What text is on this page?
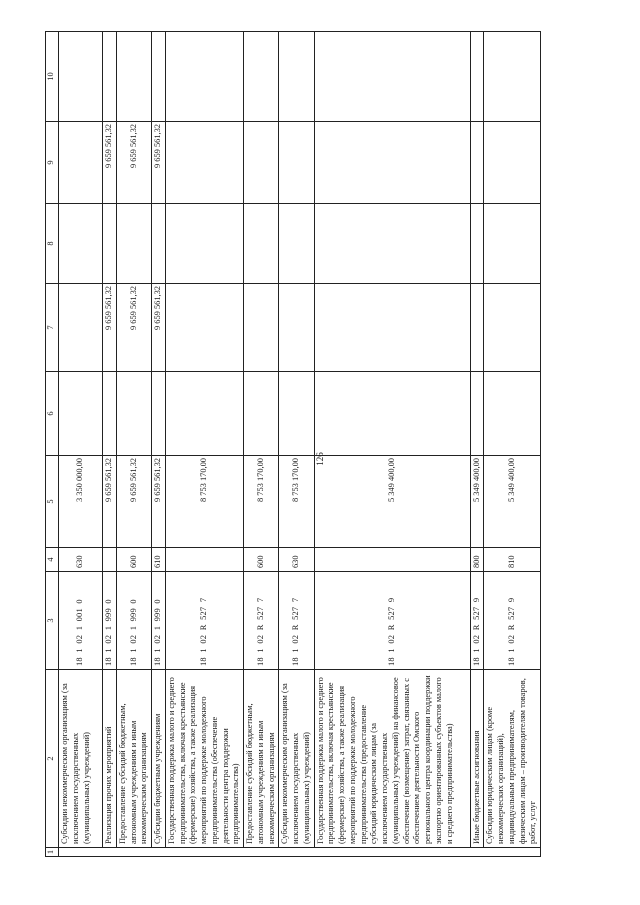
126
1	2	3	4	5	6	7	8	9	10
	Субсидии некоммерческим организациям (за исключением государственных (муниципальных) учреждений)	18  1  02  1  001  0	630	3 350 000,00					
	Реализация прочих мероприятий	18  1  02  1  999  0		9 659 561,32		9 659 561,32		9 659 561,32	
	Предоставление субсидий бюджетным, автономным учреждениям и иным некоммерческим организациям	18  1  02  1  999  0	600	9 659 561,32		9 659 561,32		9 659 561,32	
	Субсидии бюджетным учреждениям	18  1  02  1  999  0	610	9 659 561,32		9 659 561,32		9 659 561,32	
	Государственная поддержка малого и среднего предпринимательства, включая крестьянские (фермерские) хозяйства, а также реализация мероприятий по поддержке молодежного предпринимательства (обеспечение деятельности центра поддержки предпринимательства)	18  1  02  R  527  7		8 753 170,00					
	Предоставление субсидий бюджетным, автономным учреждениям и иным некоммерческим организациям	18  1  02  R  527  7	600	8 753 170,00					
	Субсидии некоммерческим организациям (за исключением государственных (муниципальных) учреждений)	18  1  02  R  527  7	630	8 753 170,00					
	Государственная поддержка малого и среднего предпринимательства, включая крестьянские (фермерские) хозяйства, а также реализация мероприятий по поддержке молодежного предпринимательства (предоставление субсидий юридическим лицам (за исключением государственных (муниципальных) учреждений) на финансовое обеспечение (возмещение) затрат, связанных с обеспечением деятельности Омского регионального центра координации поддержки экспортно ориентированных субъектов малого и среднего предпринимательства)	18  1  02  R  527  9		5 349 400,00					
	Иные бюджетные ассигнования	18  1  02  R  527  9	800	5 349 400,00					
	Субсидии юридическим лицам (кроме некоммерческих организаций), индивидуальным предпринимателям, физическим лицам – производителям товаров, работ, услуг	18  1  02  R  527  9	810	5 349 400,00					
